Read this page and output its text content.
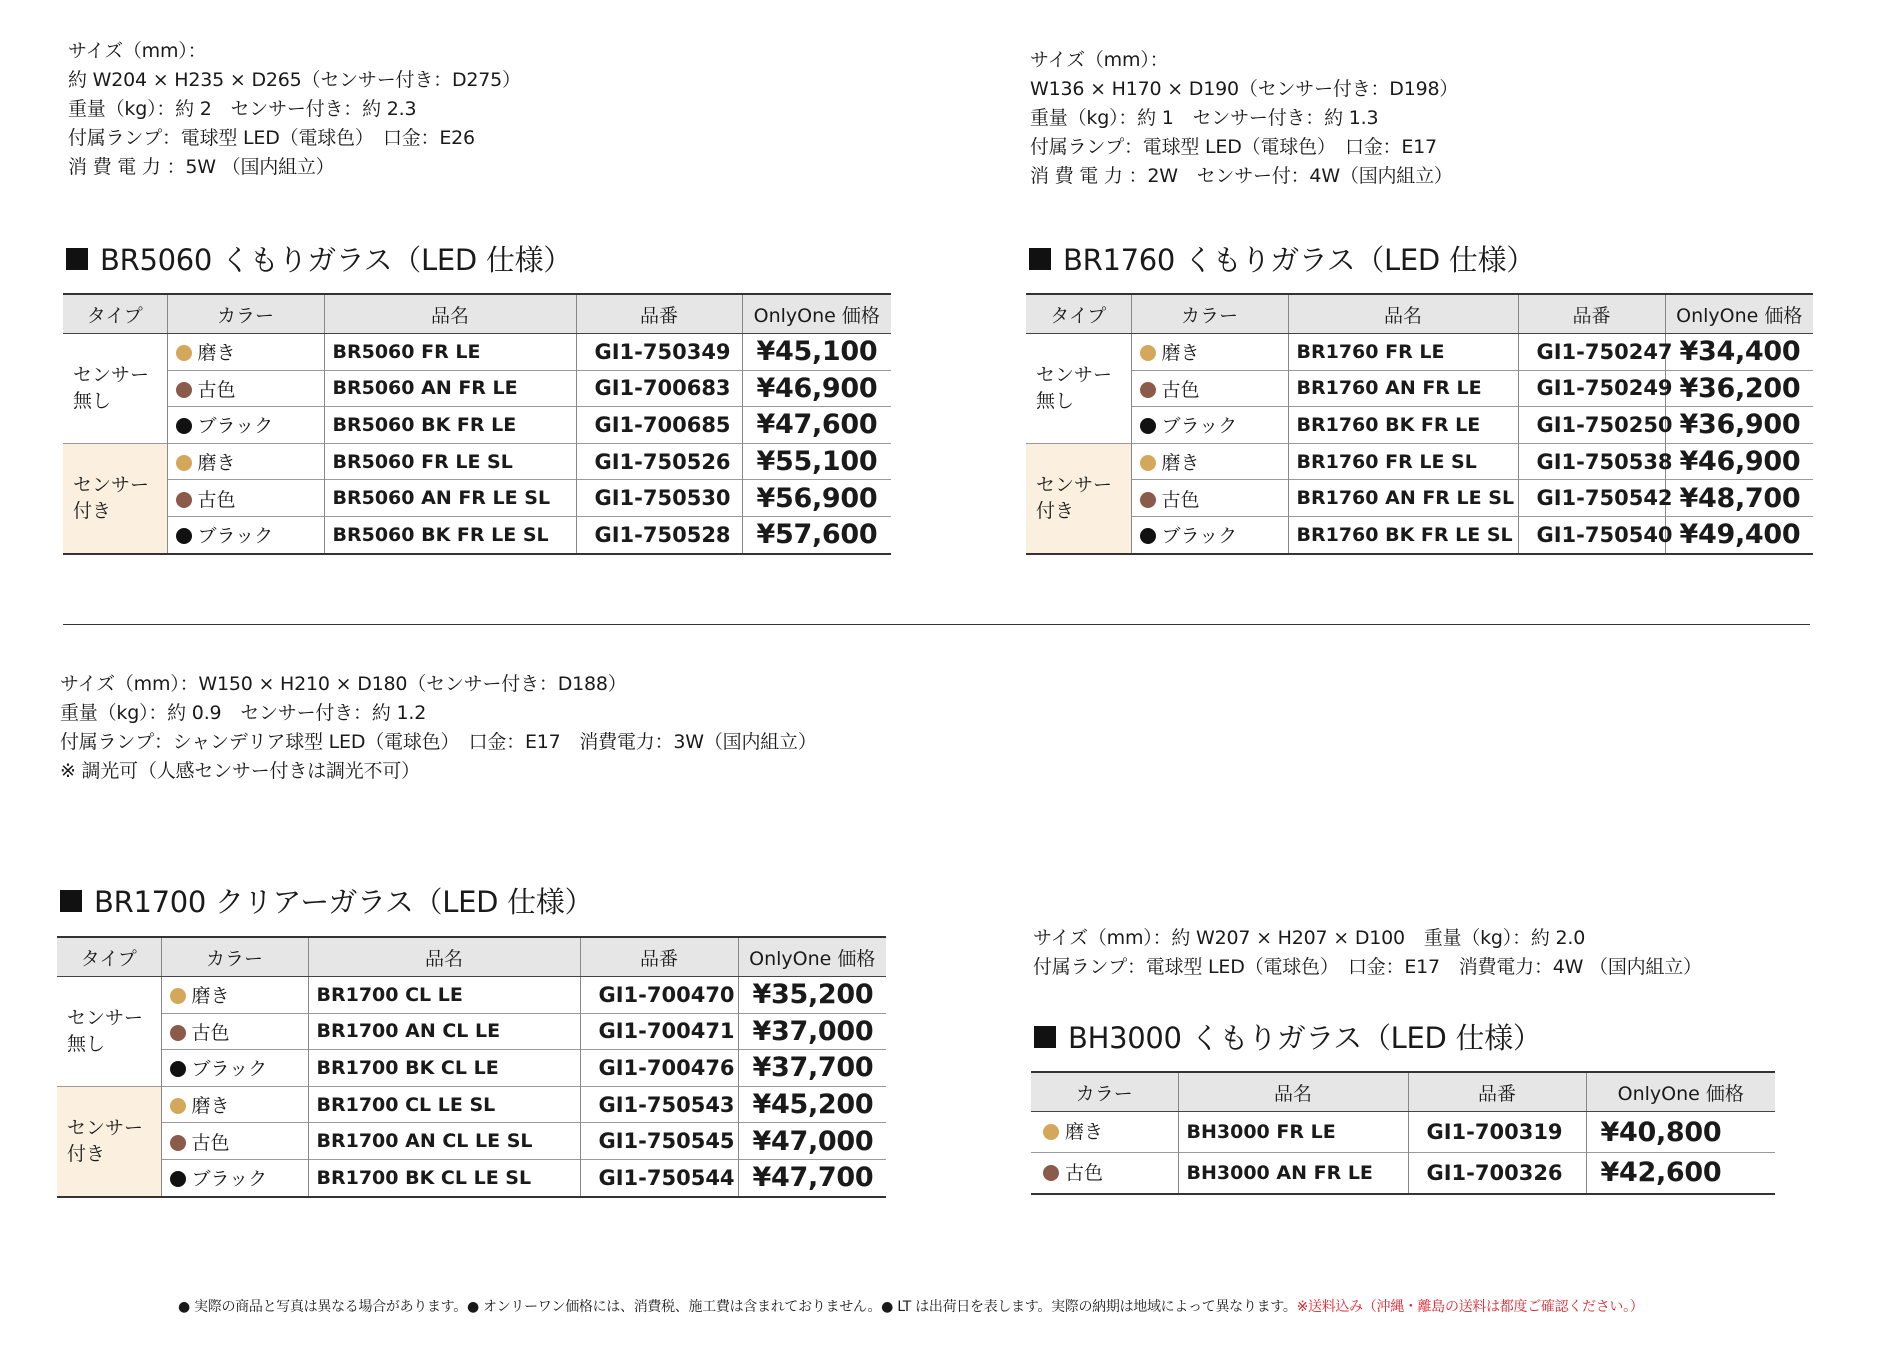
サイズ（mm）：
約 W204 × H235 × D265（センサー付き：D275）
重量（kg）：約 2　センサー付き：約 2.3
付属ランプ：電球型 LED（電球色）　口金：E26
消 費 電 力 ：5W （国内組立）
BR5060 くもりガラス（LED 仕様）
タイプ	カラー	品名	品番	OnlyOne 価格
センサー無し	磨き	BR5060 FR LE	GI1-750349	¥45,100
	古色	BR5060 AN FR LE	GI1-700683	¥46,900
	ブラック	BR5060 BK FR LE	GI1-700685	¥47,600
センサー付き	磨き	BR5060 FR LE SL	GI1-750526	¥55,100
	古色	BR5060 AN FR LE SL	GI1-750530	¥56,900
	ブラック	BR5060 BK FR LE SL	GI1-750528	¥57,600
サイズ（mm）：
W136 × H170 × D190（センサー付き：D198）
重量（kg）：約 1　センサー付き：約 1.3
付属ランプ：電球型 LED（電球色）　口金：E17
消 費 電 力 ：2W　センサー付：4W（国内組立）
BR1760 くもりガラス（LED 仕様）
タイプ	カラー	品名	品番	OnlyOne 価格
センサー無し	磨き	BR1760 FR LE	GI1-750247	¥34,400
	古色	BR1760 AN FR LE	GI1-750249	¥36,200
	ブラック	BR1760 BK FR LE	GI1-750250	¥36,900
センサー付き	磨き	BR1760 FR LE SL	GI1-750538	¥46,900
	古色	BR1760 AN FR LE SL	GI1-750542	¥48,700
	ブラック	BR1760 BK FR LE SL	GI1-750540	¥49,400
サイズ（mm）：W150 × H210 × D180（センサー付き：D188）
重量（kg）：約 0.9　センサー付き：約 1.2
付属ランプ：シャンデリア球型 LED（電球色）　口金：E17　消費電力：3W（国内組立）
※ 調光可（人感センサー付きは調光不可）
BR1700 クリアーガラス（LED 仕様）
タイプ	カラー	品名	品番	OnlyOne 価格
センサー無し	磨き	BR1700 CL LE	GI1-700470	¥35,200
	古色	BR1700 AN CL LE	GI1-700471	¥37,000
	ブラック	BR1700 BK CL LE	GI1-700476	¥37,700
センサー付き	磨き	BR1700 CL LE SL	GI1-750543	¥45,200
	古色	BR1700 AN CL LE SL	GI1-750545	¥47,000
	ブラック	BR1700 BK CL LE SL	GI1-750544	¥47,700
サイズ（mm）：約 W207 × H207 × D100　重量（kg）：約 2.0
付属ランプ：電球型 LED（電球色）　口金：E17　消費電力：4W （国内組立）
BH3000 くもりガラス（LED 仕様）
カラー	品名	品番	OnlyOne 価格
磨き	BH3000 FR LE	GI1-700319	¥40,800
古色	BH3000 AN FR LE	GI1-700326	¥42,600
● 実際の商品と写真は異なる場合があります。● オンリーワン価格には、消費税、施工費は含まれておりません。● LT は出荷日を表します。実際の納期は地域によって異なります。※送料込み（沖縄・離島の送料は都度ご確認ください。）
